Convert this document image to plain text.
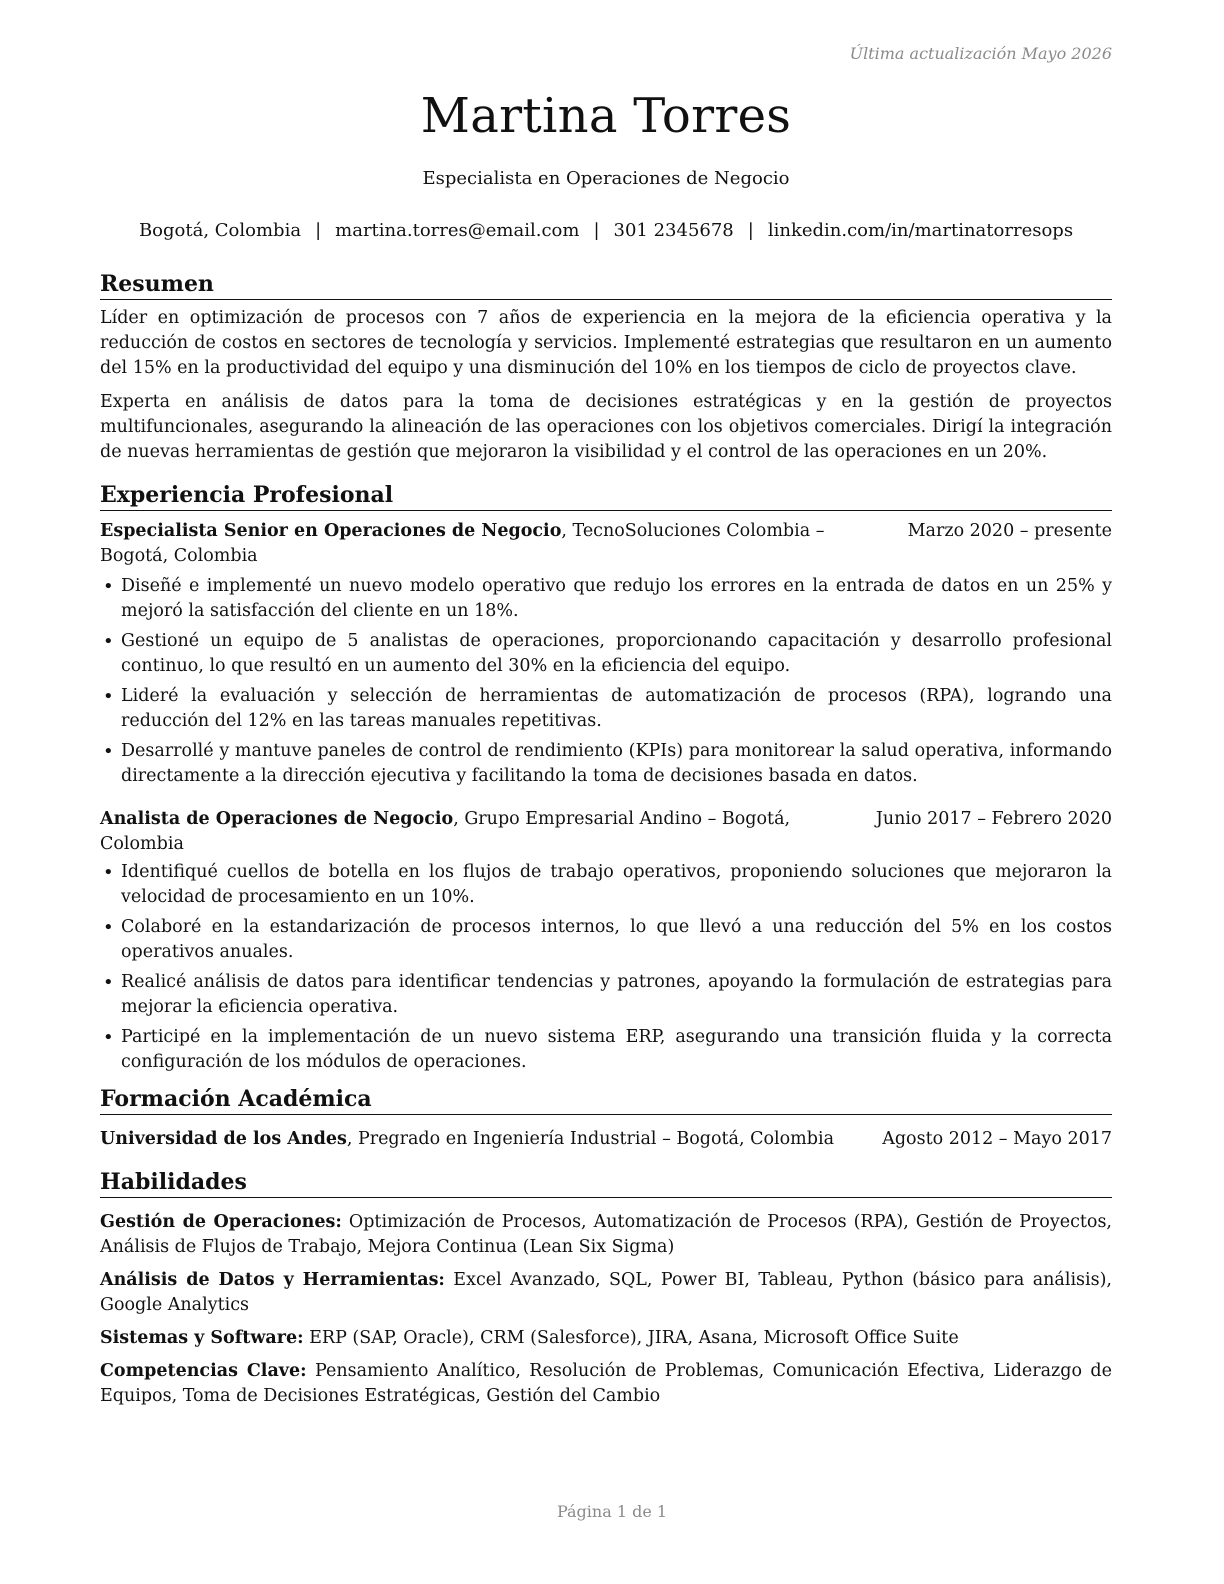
Última actualización Mayo 2026
Martina Torres
Especialista en Operaciones de Negocio
Bogotá, Colombia | martina.torres@email.com | 301 2345678 | linkedin.com/in/martinatorresops
Resumen

Líder en optimización de procesos con 7 años de experiencia en la mejora de la eficiencia operativa y la reducción de costos en sectores de tecnología y servicios. Implementé estrategias que resultaron en un aumento del 15% en la productividad del equipo y una disminución del 10% en los tiempos de ciclo de proyectos clave.

Experta en análisis de datos para la toma de decisiones estratégicas y en la gestión de proyectos multifuncionales, asegurando la alineación de las operaciones con los objetivos comerciales. Dirigí la integración de nuevas herramientas de gestión que mejoraron la visibilidad y el control de las operaciones en un 20%.

Experiencia Profesional
Especialista Senior en Operaciones de Negocio, TecnoSoluciones Colombia – Bogotá, Colombia
Marzo 2020 – presente
• Diseñé e implementé un nuevo modelo operativo que redujo los errores en la entrada de datos en un 25% y mejoró la satisfacción del cliente en un 18%.
• Gestioné un equipo de 5 analistas de operaciones, proporcionando capacitación y desarrollo profesional continuo, lo que resultó en un aumento del 30% en la eficiencia del equipo.
• Lideré la evaluación y selección de herramientas de automatización de procesos (RPA), logrando una reducción del 12% en las tareas manuales repetitivas.
• Desarrollé y mantuve paneles de control de rendimiento (KPIs) para monitorear la salud operativa, informando directamente a la dirección ejecutiva y facilitando la toma de decisiones basada en datos.
Analista de Operaciones de Negocio, Grupo Empresarial Andino – Bogotá, Colombia
Junio 2017 – Febrero 2020
• Identifiqué cuellos de botella en los flujos de trabajo operativos, proponiendo soluciones que mejoraron la velocidad de procesamiento en un 10%.
• Colaboré en la estandarización de procesos internos, lo que llevó a una reducción del 5% en los costos operativos anuales.
• Realicé análisis de datos para identificar tendencias y patrones, apoyando la formulación de estrategias para mejorar la eficiencia operativa.
• Participé en la implementación de un nuevo sistema ERP, asegurando una transición fluida y la correcta configuración de los módulos de operaciones.
Formación Académica
Universidad de los Andes, Pregrado en Ingeniería Industrial – Bogotá, Colombia	Agosto 2012 – Mayo 2017
Habilidades

Gestión de Operaciones: Optimización de Procesos, Automatización de Procesos (RPA), Gestión de Proyectos, Análisis de Flujos de Trabajo, Mejora Continua (Lean Six Sigma)

Análisis de Datos y Herramientas: Excel Avanzado, SQL, Power BI, Tableau, Python (básico para análisis), Google Analytics

Sistemas y Software: ERP (SAP, Oracle), CRM (Salesforce), JIRA, Asana, Microsoft Office Suite

Competencias Clave: Pensamiento Analítico, Resolución de Problemas, Comunicación Efectiva, Liderazgo de Equipos, Toma de Decisiones Estratégicas, Gestión del Cambio

Página 1 de 1
